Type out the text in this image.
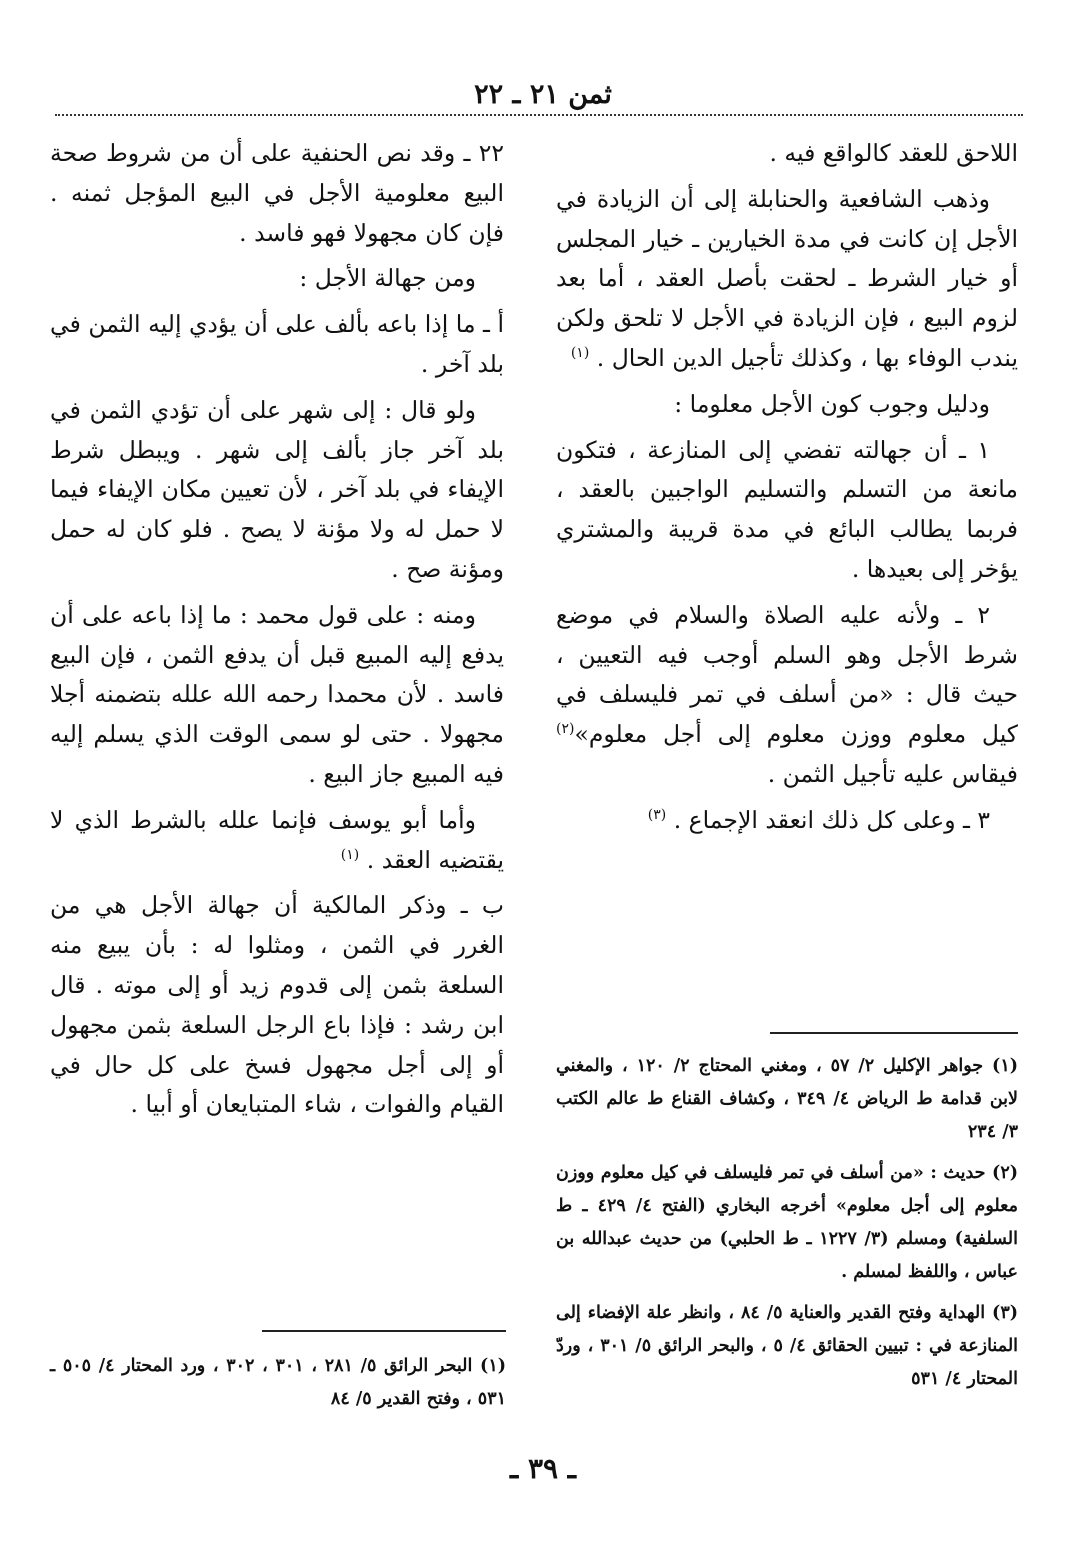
ثمن ٢١ ـ ٢٢

اللاحق للعقد كالواقع فيه .

وذهب الشافعية والحنابلة إلى أن الزيادة في الأجل إن كانت في مدة الخيارين ـ خيار المجلس أو خيار الشرط ـ لحقت بأصل العقد ، أما بعد لزوم البيع ، فإن الزيادة في الأجل لا تلحق ولكن يندب الوفاء بها ، وكذلك تأجيل الدين الحال . $^{(١)}$

ودليل وجوب كون الأجل معلوما :

١ ـ أن جهالته تفضي إلى المنازعة ، فتكون مانعة من التسلم والتسليم الواجبين بالعقد ، فربما يطالب البائع في مدة قريبة والمشتري يؤخر إلى بعيدها .

٢ ـ ولأنه عليه الصلاة والسلام في موضع شرط الأجل وهو السلم أوجب فيه التعيين ، حيث قال : «من أسلف في تمر فليسلف في كيل معلوم ووزن معلوم إلى أجل معلوم»$^{(٢)}$ فيقاس عليه تأجيل الثمن .

٣ ـ وعلى كل ذلك انعقد الإجماع . $^{(٣)}$

(١) جواهر الإكليل ٢/ ٥٧ ، ومغني المحتاج ٢/ ١٢٠ ، والمغني لابن قدامة ط الرياض ٤/ ٣٤٩ ، وكشاف القناع ط عالم الكتب ٣/ ٢٣٤

(٢) حديث : «من أسلف في تمر فليسلف في كيل معلوم ووزن معلوم إلى أجل معلوم» أخرجه البخاري (الفتح ٤/ ٤٢٩ ـ ط السلفية) ومسلم (٣/ ١٢٢٧ ـ ط الحلبي) من حديث عبدالله بن عباس ، واللفظ لمسلم .

(٣) الهداية وفتح القدير والعناية ٥/ ٨٤ ، وانظر علة الإفضاء إلى المنازعة في : تبيين الحقائق ٤/ ٥ ، والبحر الرائق ٥/ ٣٠١ ، وردّ المحتار ٤/ ٥٣١

٢٢ ـ وقد نص الحنفية على أن من شروط صحة البيع معلومية الأجل في البيع المؤجل ثمنه . فإن كان مجهولا فهو فاسد .

ومن جهالة الأجل :

أ ـ ما إذا باعه بألف على أن يؤدي إليه الثمن في بلد آخر .

ولو قال : إلى شهر على أن تؤدي الثمن في بلد آخر جاز بألف إلى شهر . ويبطل شرط الإيفاء في بلد آخر ، لأن تعيين مكان الإيفاء فيما لا حمل له ولا مؤنة لا يصح . فلو كان له حمل ومؤنة صح .

ومنه : على قول محمد : ما إذا باعه على أن يدفع إليه المبيع قبل أن يدفع الثمن ، فإن البيع فاسد . لأن محمدا رحمه الله علله بتضمنه أجلا مجهولا . حتى لو سمى الوقت الذي يسلم إليه فيه المبيع جاز البيع .

وأما أبو يوسف فإنما علله بالشرط الذي لا يقتضيه العقد . $^{(١)}$

ب ـ وذكر المالكية أن جهالة الأجل هي من الغرر في الثمن ، ومثلوا له : بأن يبيع منه السلعة بثمن إلى قدوم زيد أو إلى موته . قال ابن رشد : فإذا باع الرجل السلعة بثمن مجهول أو إلى أجل مجهول فسخ على كل حال في القيام والفوات ، شاء المتبايعان أو أبيا .

(١) البحر الرائق ٥/ ٢٨١ ، ٣٠١ ، ٣٠٢ ، ورد المحتار ٤/ ٥٠٥ ـ ٥٣١ ، وفتح القدير ٥/ ٨٤

ـ ٣٩ ـ
